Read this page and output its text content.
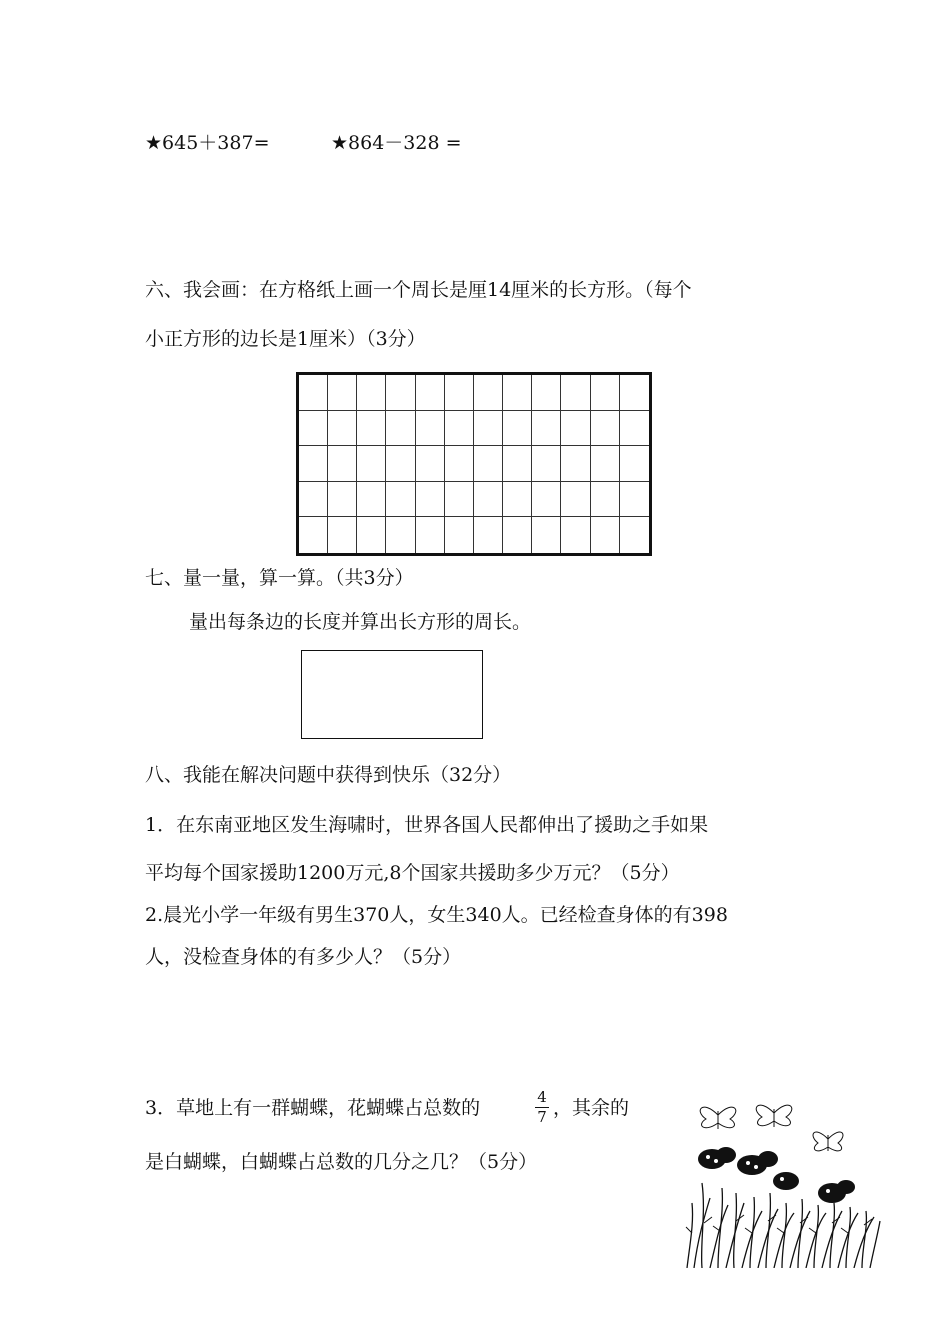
★645＋387=	★864－328 =
六、我会画：在方格纸上画一个周长是厘14厘米的长方形。（每个
小正方形的边长是1厘米）（3分）
七、量一量，算一算。（共3分）
量出每条边的长度并算出长方形的周长。
八、我能在解决问题中获得到快乐（32分）
1．在东南亚地区发生海啸时，世界各国人民都伸出了援助之手如果
平均每个国家援助1200万元,8个国家共援助多少万元？（5分）
2.晨光小学一年级有男生370人，女生340人。已经检查身体的有398
人，没检查身体的有多少人？（5分）
3．草地上有一群蝴蝶，花蝴蝶占总数的	4
7 ，其余的
是白蝴蝶，白蝴蝶占总数的几分之几？（5分）
